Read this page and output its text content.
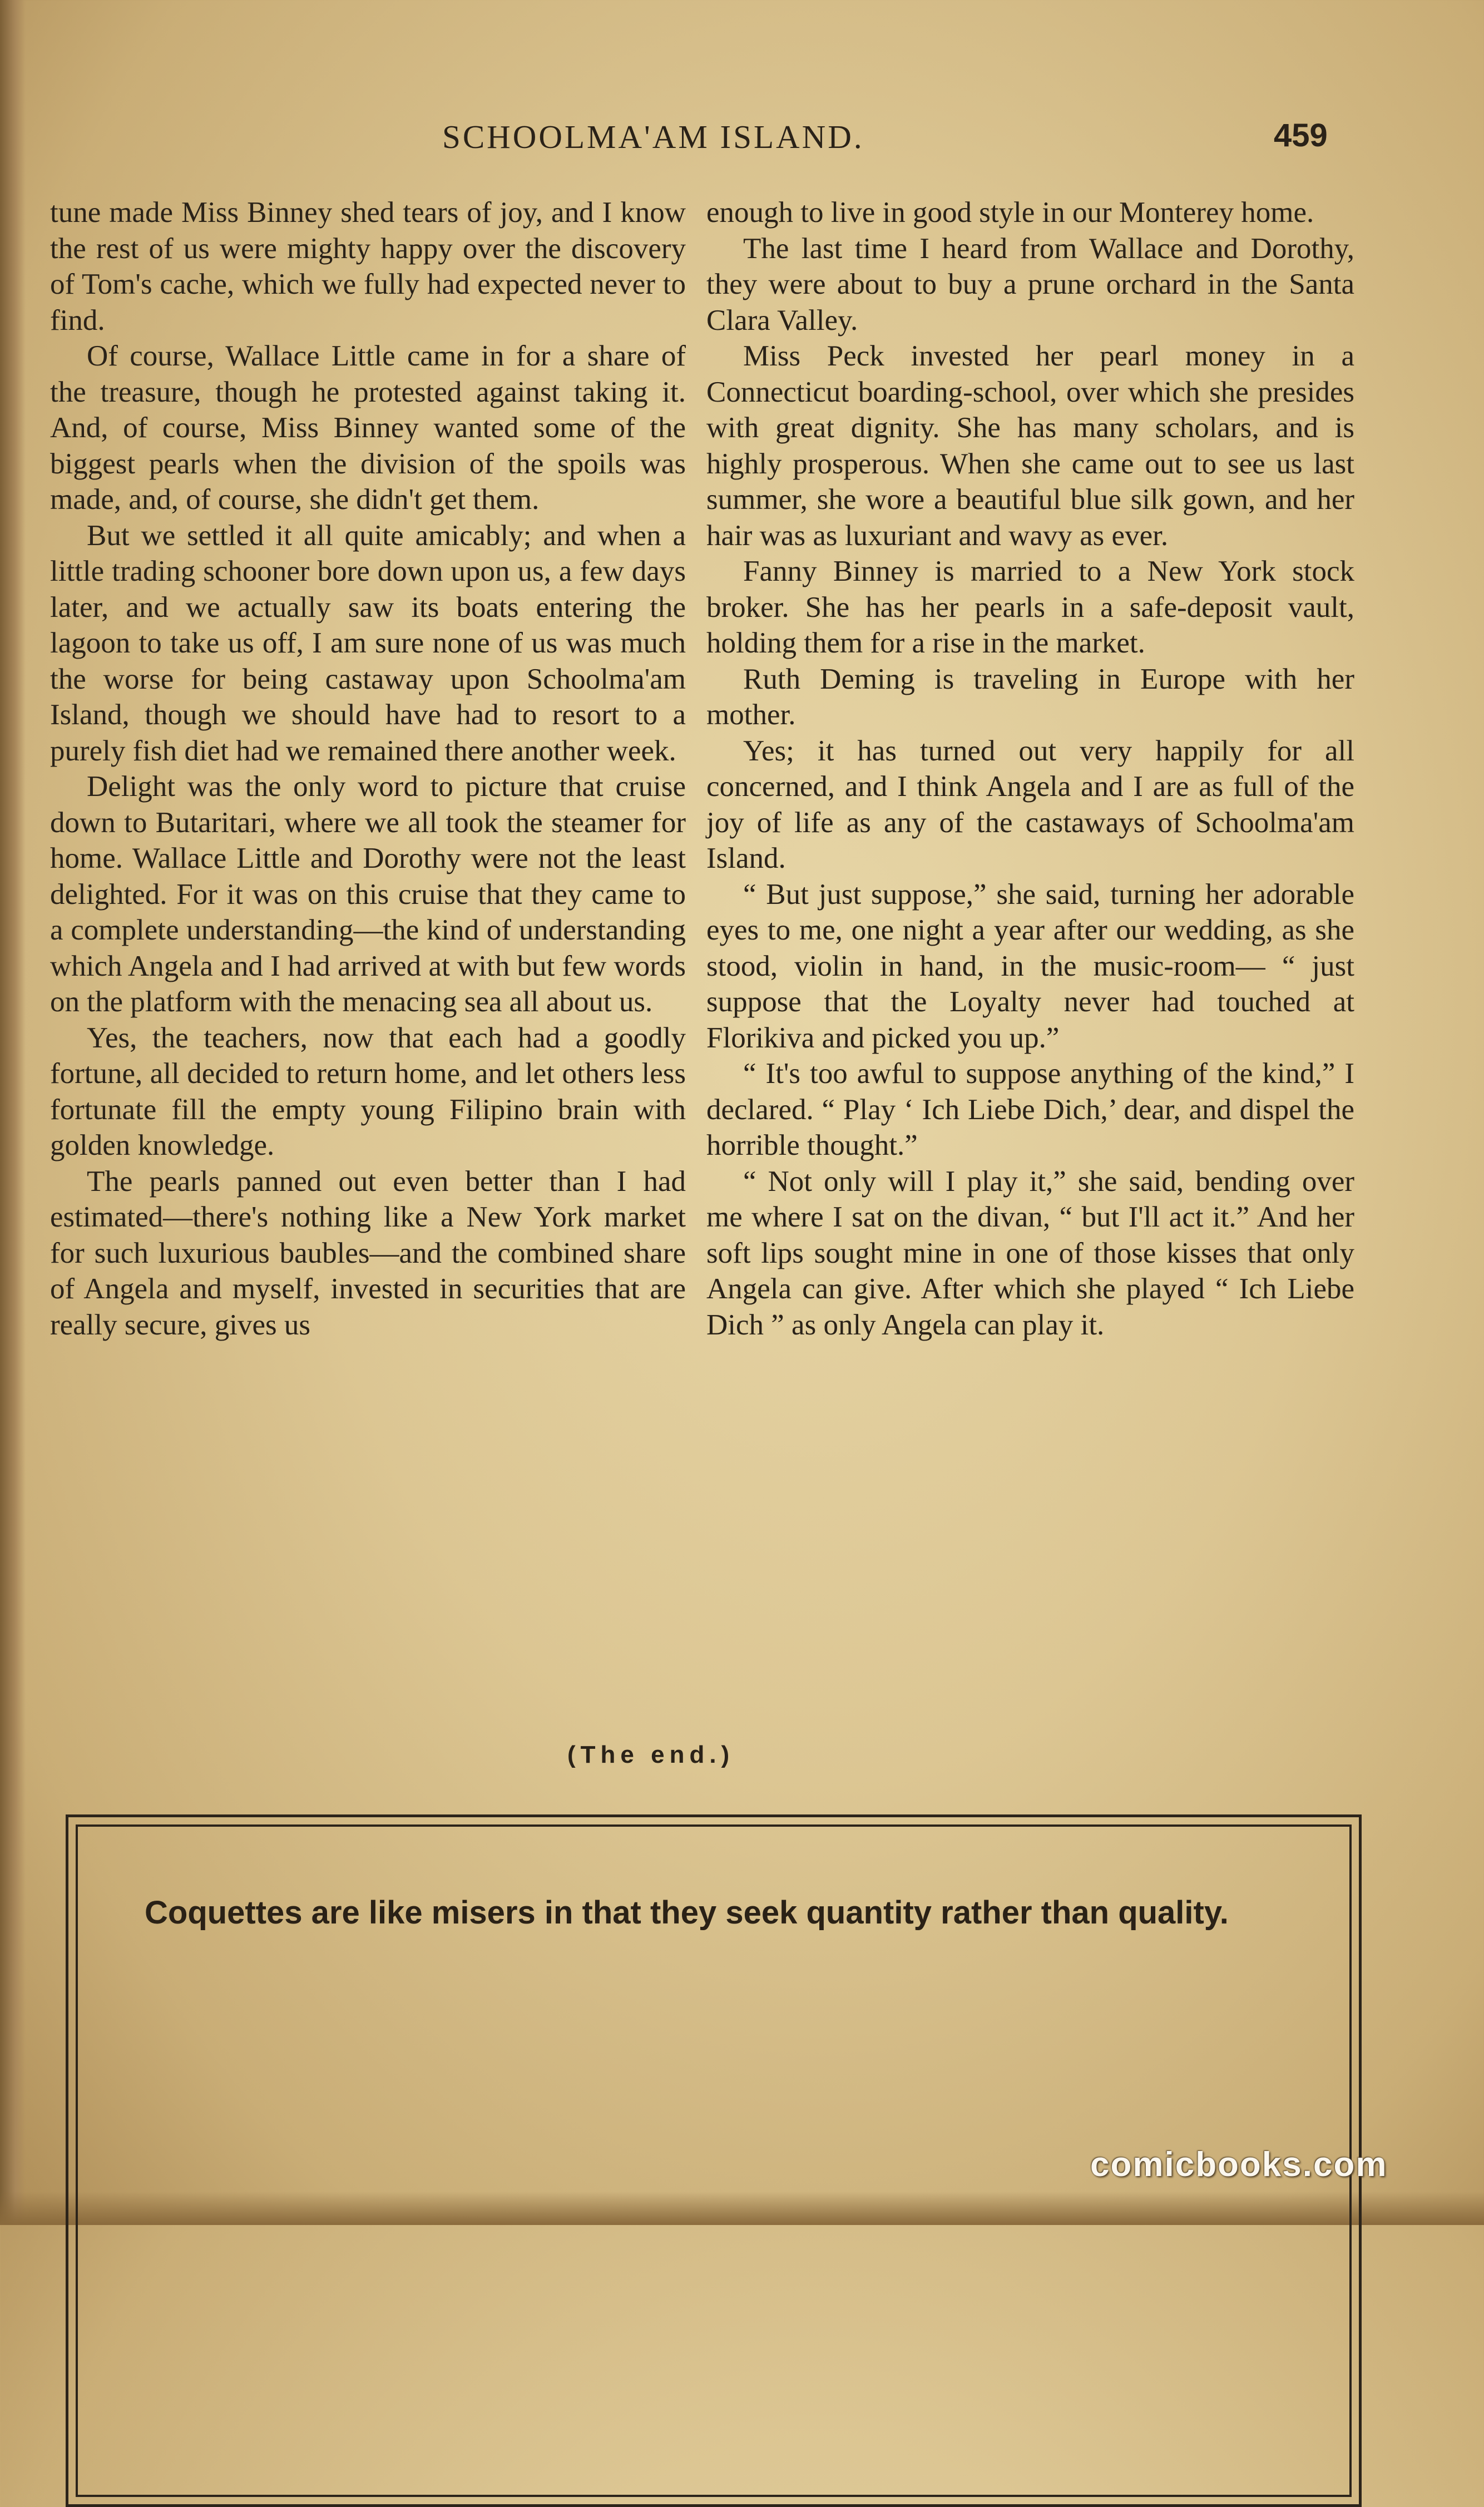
SCHOOLMA'AM ISLAND.	459

tune made Miss Binney shed tears of joy, and I know the rest of us were mighty happy over the discovery of Tom's cache, which we fully had expected never to find.

Of course, Wallace Little came in for a share of the treasure, though he protested against taking it. And, of course, Miss Binney wanted some of the biggest pearls when the division of the spoils was made, and, of course, she didn't get them.

But we settled it all quite amicably; and when a little trading schooner bore down upon us, a few days later, and we actually saw its boats entering the lagoon to take us off, I am sure none of us was much the worse for being castaway upon Schoolma'am Island, though we should have had to resort to a purely fish diet had we remained there another week.

Delight was the only word to picture that cruise down to Butaritari, where we all took the steamer for home. Wallace Little and Dorothy were not the least delighted. For it was on this cruise that they came to a complete understanding—the kind of understanding which Angela and I had arrived at with but few words on the platform with the menacing sea all about us.

Yes, the teachers, now that each had a goodly fortune, all decided to return home, and let others less fortunate fill the empty young Filipino brain with golden knowledge.

The pearls panned out even better than I had estimated—there's nothing like a New York market for such luxurious baubles—and the combined share of Angela and myself, invested in securities that are really secure, gives us

enough to live in good style in our Monterey home.

The last time I heard from Wallace and Dorothy, they were about to buy a prune orchard in the Santa Clara Valley.

Miss Peck invested her pearl money in a Connecticut boarding-school, over which she presides with great dignity. She has many scholars, and is highly prosperous. When she came out to see us last summer, she wore a beautiful blue silk gown, and her hair was as luxuriant and wavy as ever.

Fanny Binney is married to a New York stock broker. She has her pearls in a safe-deposit vault, holding them for a rise in the market.

Ruth Deming is traveling in Europe with her mother.

Yes; it has turned out very happily for all concerned, and I think Angela and I are as full of the joy of life as any of the castaways of Schoolma'am Island.

“ But just suppose,” she said, turning her adorable eyes to me, one night a year after our wedding, as she stood, violin in hand, in the music-room— “ just suppose that the Loyalty never had touched at Florikiva and picked you up.”

“ It's too awful to suppose anything of the kind,” I declared. “ Play ‘ Ich Liebe Dich,’ dear, and dispel the horrible thought.”

“ Not only will I play it,” she said, bending over me where I sat on the divan, “ but I'll act it.” And her soft lips sought mine in one of those kisses that only Angela can give. After which she played “ Ich Liebe Dich ” as only Angela can play it.

(The end.)
Coquettes are like misers in that they seek quantity rather than quality.
comicbooks.com
